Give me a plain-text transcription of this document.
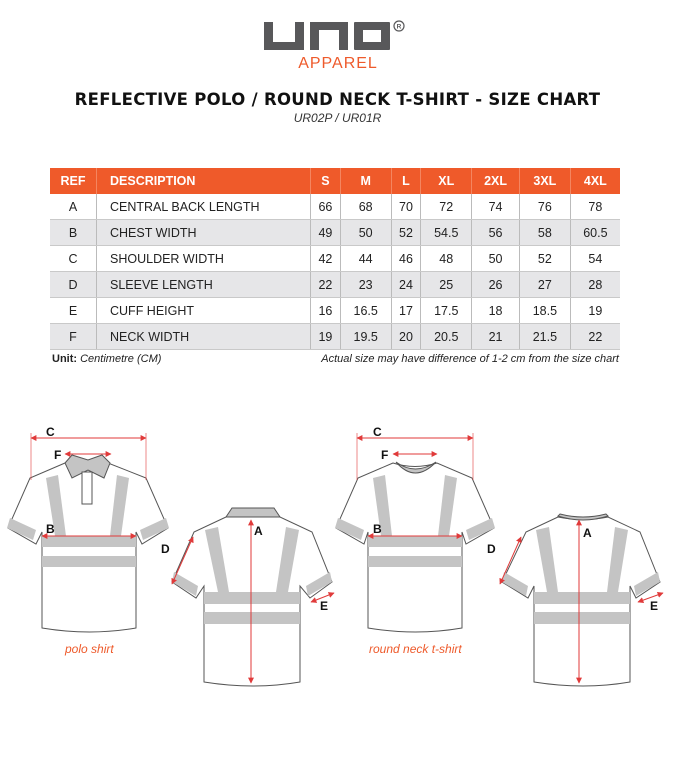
R
APPAREL
REFLECTIVE POLO / ROUND NECK T-SHIRT - SIZE CHART
UR02P / UR01R
REF	DESCRIPTION	S	M	L	XL	2XL	3XL	4XL
A	CENTRAL BACK LENGTH	66	68	70	72	74	76	78
B	CHEST WIDTH	49	50	52	54.5	56	58	60.5
C	SHOULDER WIDTH	42	44	46	48	50	52	54
D	SLEEVE LENGTH	22	23	24	25	26	27	28
E	CUFF HEIGHT	16	16.5	17	17.5	18	18.5	19
F	NECK WIDTH	19	19.5	20	20.5	21	21.5	22
Unit: Centimetre (CM)	Actual size may have difference of 1-2 cm from the size chart
C
F
B
D
A
E
C
F
B
D
A
E
polo shirt	round neck t-shirt
